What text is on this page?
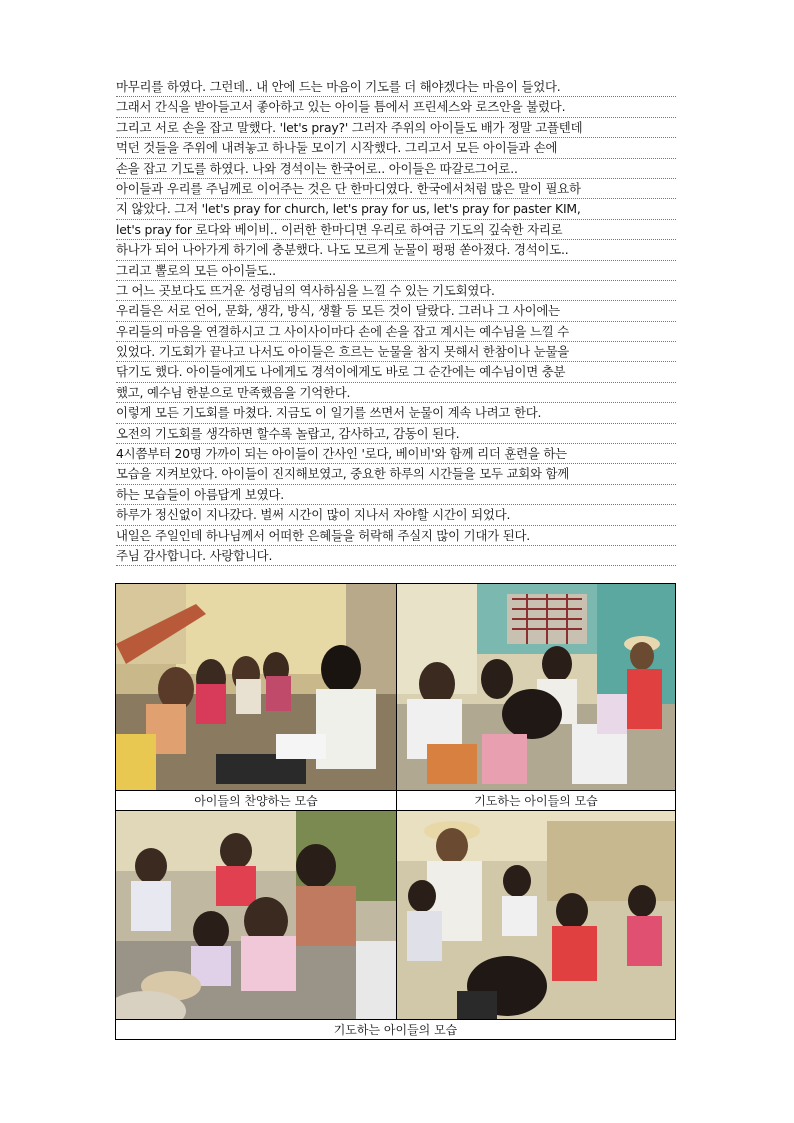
마무리를 하였다. 그런데.. 내 안에 드는 마음이 기도를 더 해야겠다는 마음이 들었다.
그래서 간식을 받아들고서 좋아하고 있는 아이들 틈에서 프린세스와 로즈안을 불렀다.
그리고 서로 손을 잡고 말했다. 'let's pray?' 그러자 주위의 아이들도 배가 정말 고플텐데
먹던 것들을 주위에 내려놓고 하나둘 모이기 시작했다. 그리고서 모든 아이들과 손에
손을 잡고 기도를 하였다. 나와 경석이는 한국어로.. 아이들은 따갈로그어로..
아이들과 우리를 주님께로 이어주는 것은 단 한마디였다. 한국에서처럼 많은 말이 필요하
지 않았다. 그저 'let's pray for church, let's pray for us, let's pray for paster KIM,
let's pray for 로다와 베이비.. 이러한 한마디면 우리로 하여금 기도의 깊숙한 자리로
하나가 되어 나아가게 하기에 충분했다. 나도 모르게 눈물이 펑펑 쏟아졌다. 경석이도..
그리고 뽈로의 모든 아이들도..
그 어느 곳보다도 뜨거운 성령님의 역사하심을 느낄 수 있는 기도회였다.
우리들은 서로 언어, 문화, 생각, 방식, 생활 등 모든 것이 달랐다. 그러나 그 사이에는
우리들의 마음을 연결하시고 그 사이사이마다 손에 손을 잡고 계시는 예수님을 느낄 수
있었다. 기도회가 끝나고 나서도 아이들은 흐르는 눈물을 참지 못해서 한참이나 눈물을
닦기도 했다. 아이들에게도 나에게도 경석이에게도 바로 그 순간에는 예수님이면 충분
했고, 예수님 한분으로 만족했음을 기억한다.
이렇게 모든 기도회를 마쳤다. 지금도 이 일기를 쓰면서 눈물이 계속 나려고 한다.
오전의 기도회를 생각하면 할수록 놀랍고, 감사하고, 감동이 된다.
4시쯤부터 20명 가까이 되는 아이들이 간사인 '로다, 베이비'와 함께 리더 훈련을 하는
모습을 지켜보았다. 아이들이 진지해보였고, 중요한 하루의 시간들을 모두 교회와 함께
하는 모습들이 아름답게 보였다.
하루가 정신없이 지나갔다. 벌써 시간이 많이 지나서 자야할 시간이 되었다.
내일은 주일인데 하나님께서 어떠한 은혜들을 허락해 주실지 많이 기대가 된다.
주님 감사합니다. 사랑합니다.
아이들의 찬양하는 모습	기도하는 아이들의 모습
기도하는 아이들의 모습
